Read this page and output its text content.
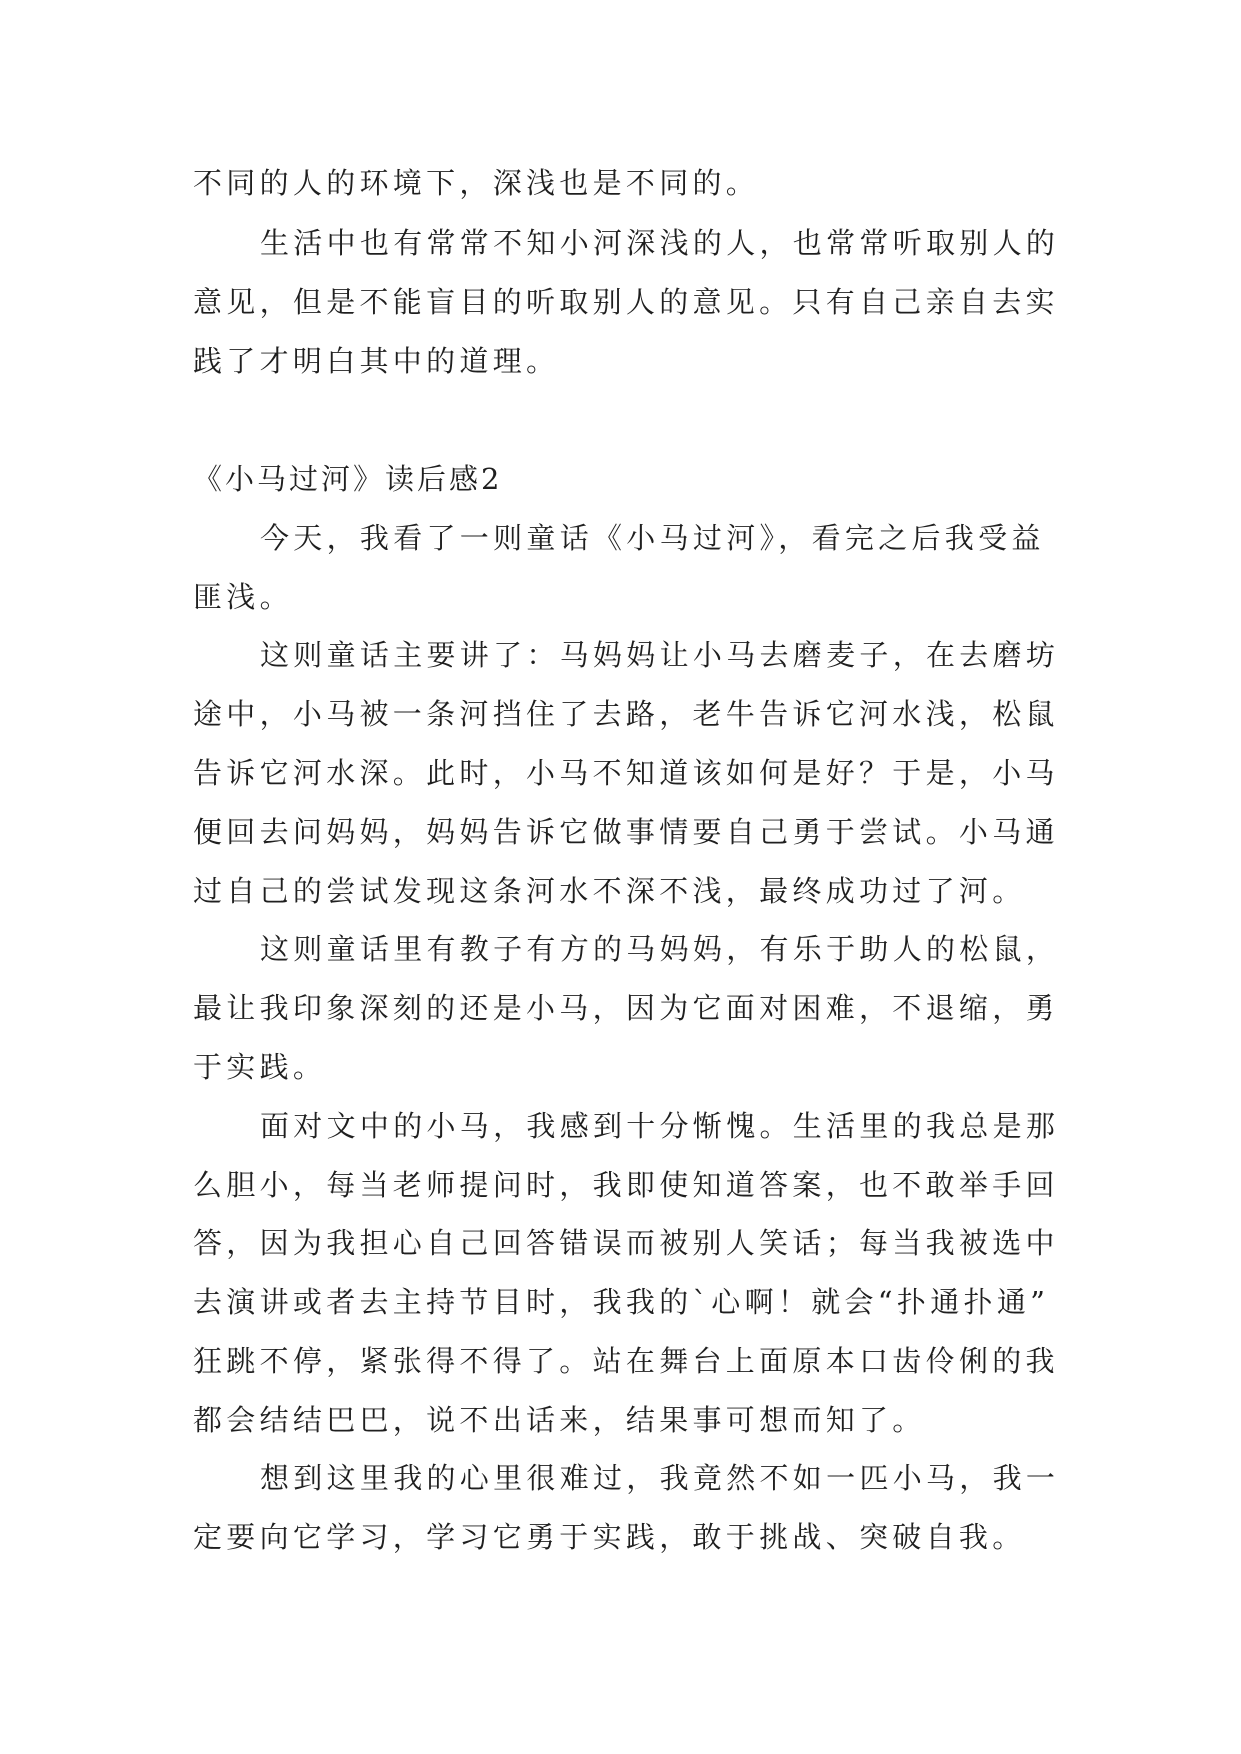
不同的人的环境下，深浅也是不同的。
生活中也有常常不知小河深浅的人，也常常听取别人的
意见，但是不能盲目的听取别人的意见。只有自己亲自去实
践了才明白其中的道理。
《小马过河》读后感2
今天，我看了一则童话《小马过河》，看完之后我受益
匪浅。
这则童话主要讲了：马妈妈让小马去磨麦子，在去磨坊
途中，小马被一条河挡住了去路，老牛告诉它河水浅，松鼠
告诉它河水深。此时，小马不知道该如何是好？于是，小马
便回去问妈妈，妈妈告诉它做事情要自己勇于尝试。小马通
过自己的尝试发现这条河水不深不浅，最终成功过了河。
这则童话里有教子有方的马妈妈，有乐于助人的松鼠，
最让我印象深刻的还是小马，因为它面对困难，不退缩，勇
于实践。
面对文中的小马，我感到十分惭愧。生活里的我总是那
么胆小，每当老师提问时，我即使知道答案，也不敢举手回
答，因为我担心自己回答错误而被别人笑话；每当我被选中
去演讲或者去主持节目时，我我的`心啊！就会“扑通扑通”
狂跳不停，紧张得不得了。站在舞台上面原本口齿伶俐的我
都会结结巴巴，说不出话来，结果事可想而知了。
想到这里我的心里很难过，我竟然不如一匹小马，我一
定要向它学习，学习它勇于实践，敢于挑战、突破自我。
